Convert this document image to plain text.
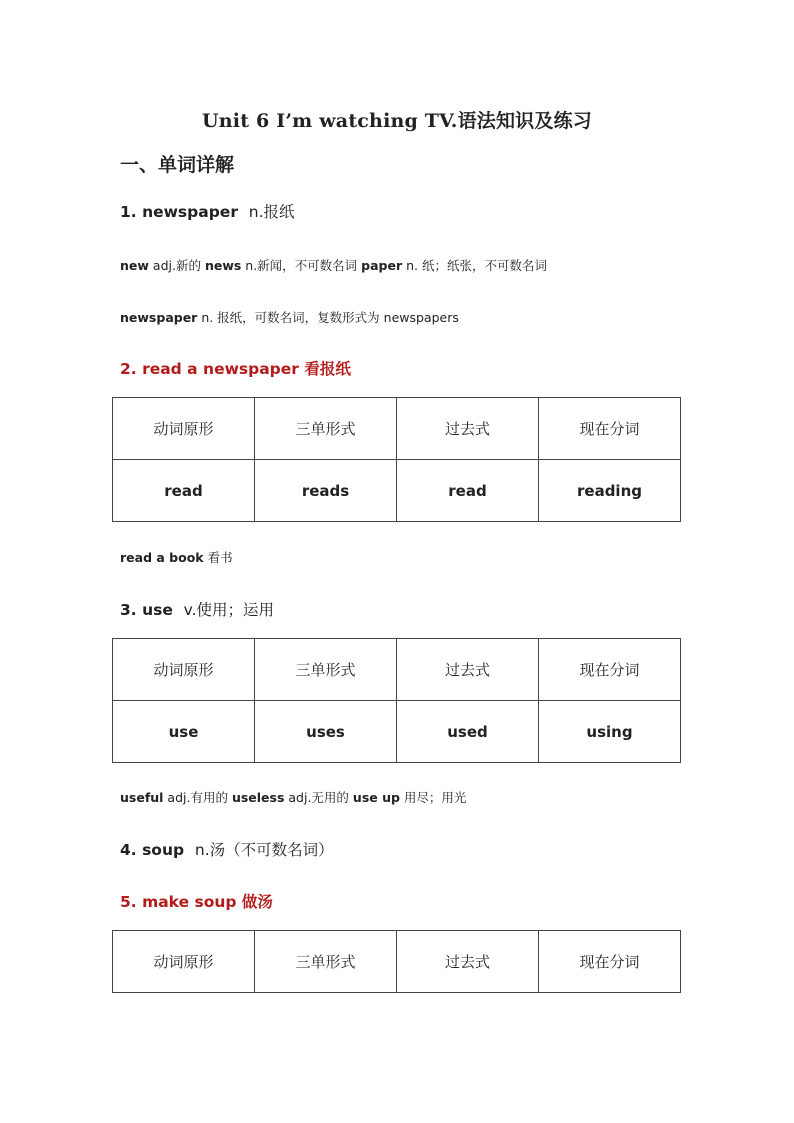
Unit 6 I’m watching TV.语法知识及练习
一、单词详解
1. newspaper n.报纸
new adj.新的 news n.新闻，不可数名词 paper n. 纸；纸张，不可数名词
newspaper n. 报纸，可数名词，复数形式为 newspapers
2. read a newspaper 看报纸
动词原形	三单形式	过去式	现在分词
read	reads	read	reading
read a book 看书
3. use v.使用；运用
动词原形	三单形式	过去式	现在分词
use	uses	used	using
useful adj.有用的 useless adj.无用的 use up 用尽；用光
4. soup n.汤（不可数名词）
5. make soup 做汤
动词原形	三单形式	过去式	现在分词
